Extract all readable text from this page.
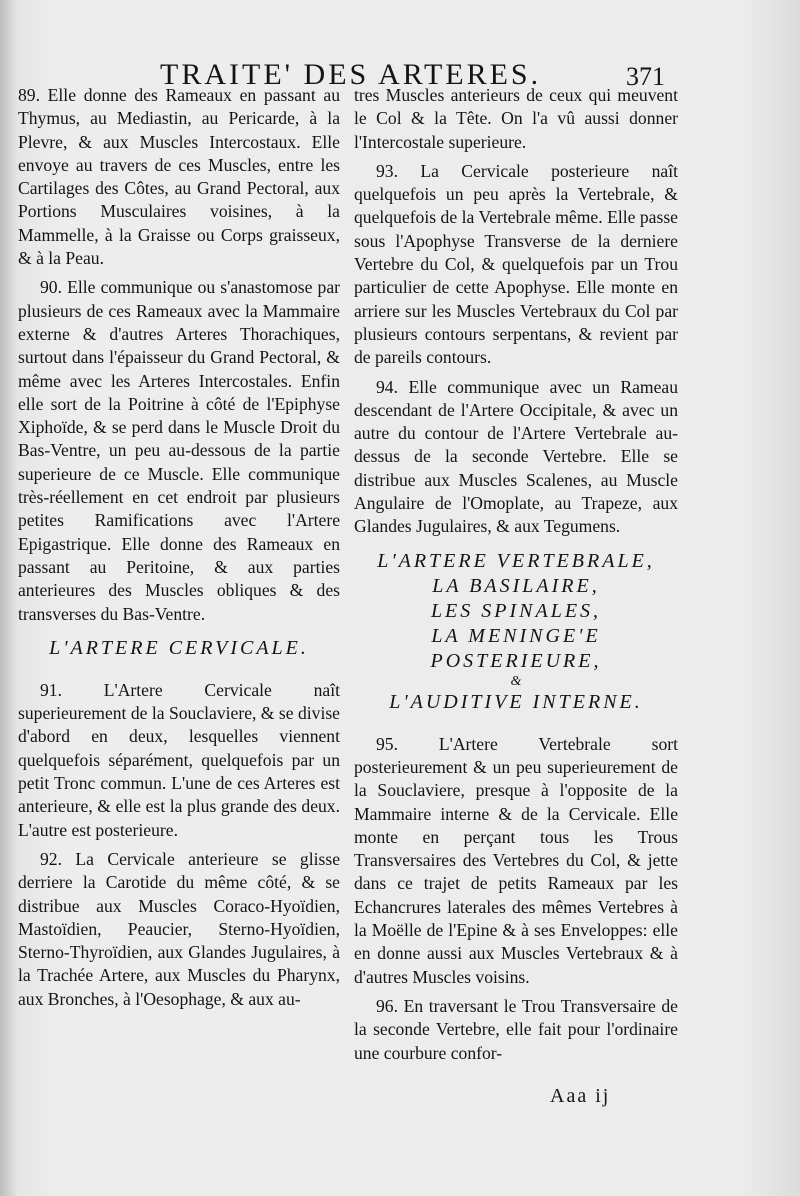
TRAITE' DES ARTERES.	371

89. Elle donne des Rameaux en passant au Thymus, au Mediastin, au Pericarde, à la Plevre, & aux Muscles Intercostaux. Elle envoye au travers de ces Muscles, entre les Cartilages des Côtes, au Grand Pectoral, aux Portions Musculaires voisines, à la Mammelle, à la Graisse ou Corps graisseux, & à la Peau.

90. Elle communique ou s'anastomose par plusieurs de ces Rameaux avec la Mammaire externe & d'autres Arteres Thorachiques, surtout dans l'épaisseur du Grand Pectoral, & même avec les Arteres Intercostales. Enfin elle sort de la Poitrine à côté de l'Epiphyse Xiphoïde, & se perd dans le Muscle Droit du Bas-Ventre, un peu au-dessous de la partie superieure de ce Muscle. Elle communique très-réellement en cet endroit par plusieurs petites Ramifications avec l'Artere Epigastrique. Elle donne des Rameaux en passant au Peritoine, & aux parties anterieures des Muscles obliques & des transverses du Bas-Ventre.

L'ARTERE CERVICALE.

91. L'Artere Cervicale naît superieurement de la Souclaviere, & se divise d'abord en deux, lesquelles viennent quelquefois séparément, quelquefois par un petit Tronc commun. L'une de ces Arteres est anterieure, & elle est la plus grande des deux. L'autre est posterieure.

92. La Cervicale anterieure se glisse derriere la Carotide du même côté, & se distribue aux Muscles Coraco-Hyoïdien, Mastoïdien, Peaucier, Sterno-Hyoïdien, Sterno-Thyroïdien, aux Glandes Jugulaires, à la Trachée Artere, aux Muscles du Pharynx, aux Bronches, à l'Oesophage, & aux au-

tres Muscles anterieurs de ceux qui meuvent le Col & la Tête. On l'a vû aussi donner l'Intercostale superieure.

93. La Cervicale posterieure naît quelquefois un peu après la Vertebrale, & quelquefois de la Vertebrale même. Elle passe sous l'Apophyse Transverse de la derniere Vertebre du Col, & quelquefois par un Trou particulier de cette Apophyse. Elle monte en arriere sur les Muscles Vertebraux du Col par plusieurs contours serpentans, & revient par de pareils contours.

94. Elle communique avec un Rameau descendant de l'Artere Occipitale, & avec un autre du contour de l'Artere Vertebrale au-dessus de la seconde Vertebre. Elle se distribue aux Muscles Scalenes, au Muscle Angulaire de l'Omoplate, au Trapeze, aux Glandes Jugulaires, & aux Tegumens.

L'ARTERE VERTEBRALE,
LA BASILAIRE,
LES SPINALES,
LA MENINGE'E
POSTERIEURE,
&
L'AUDITIVE INTERNE.

95. L'Artere Vertebrale sort posterieurement & un peu superieurement de la Souclaviere, presque à l'opposite de la Mammaire interne & de la Cervicale. Elle monte en perçant tous les Trous Transversaires des Vertebres du Col, & jette dans ce trajet de petits Rameaux par les Echancrures laterales des mêmes Vertebres à la Moëlle de l'Epine & à ses Enveloppes: elle en donne aussi aux Muscles Vertebraux & à d'autres Muscles voisins.

96. En traversant le Trou Transversaire de la seconde Vertebre, elle fait pour l'ordinaire une courbure confor-

Aaa ij
